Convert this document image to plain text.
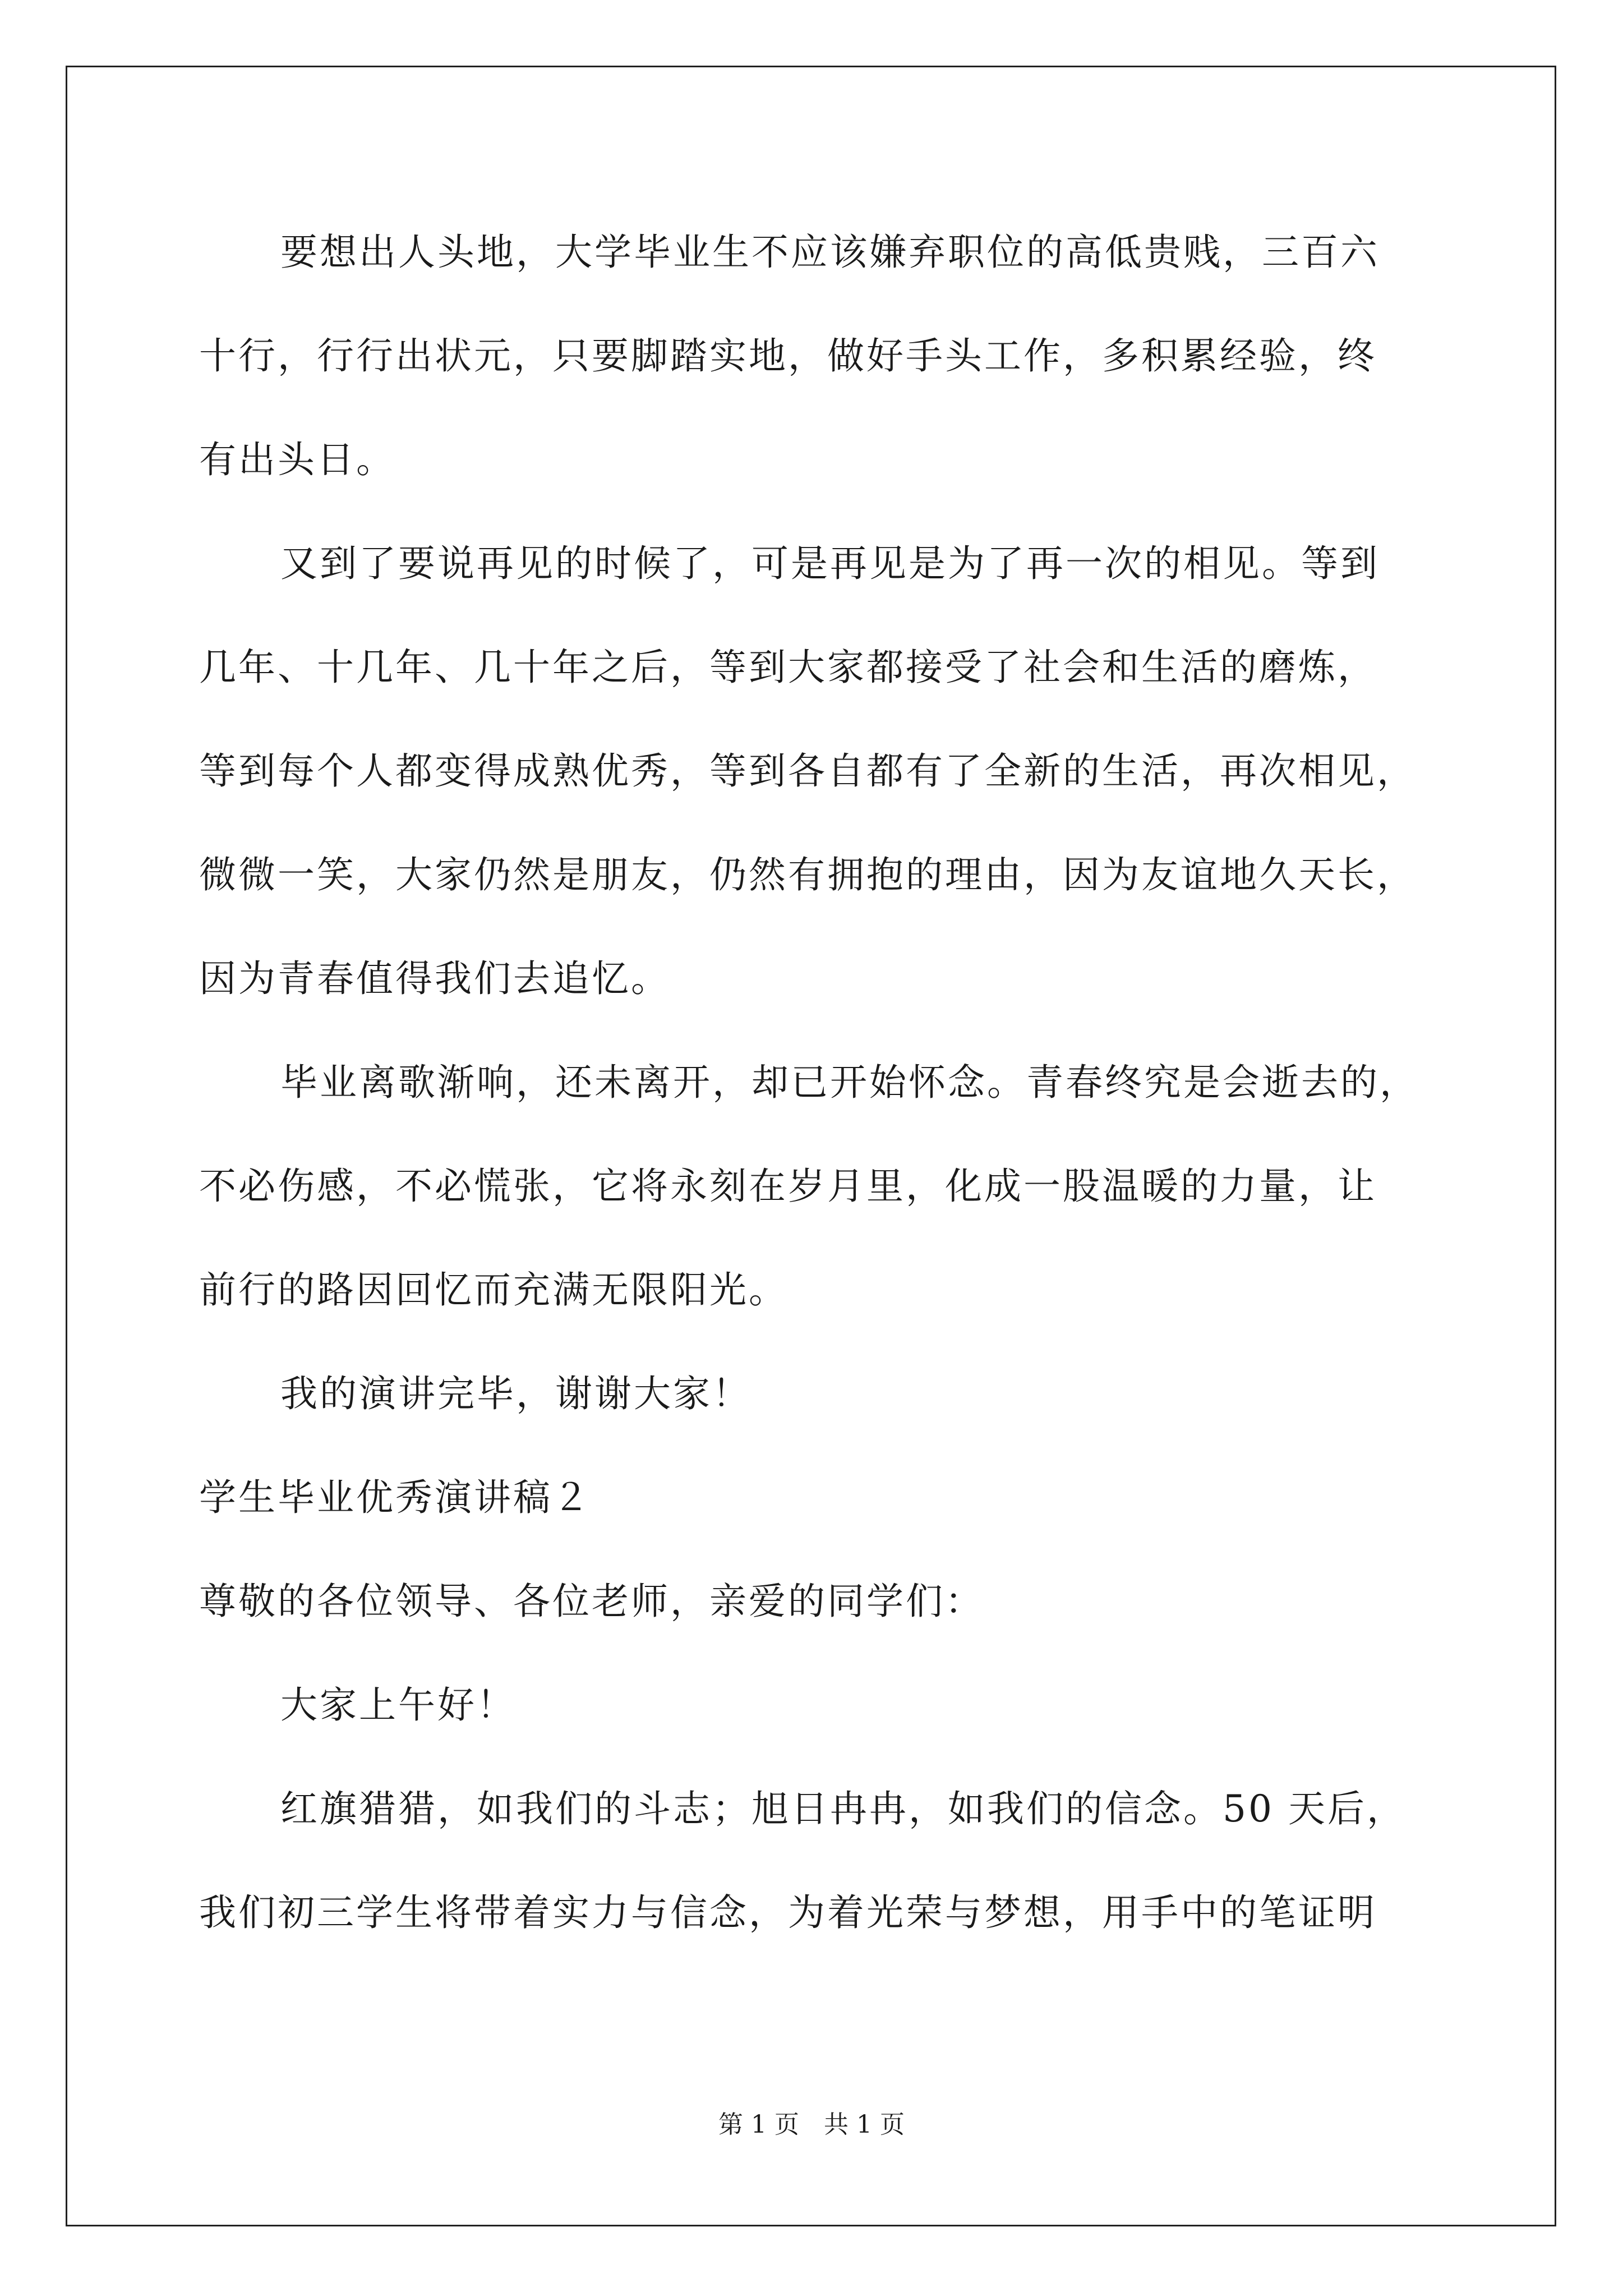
要想出人头地，大学毕业生不应该嫌弃职位的高低贵贱，三百六
十行，行行出状元，只要脚踏实地，做好手头工作，多积累经验，终
有出头日。
又到了要说再见的时候了，可是再见是为了再一次的相见。等到
几年、十几年、几十年之后，等到大家都接受了社会和生活的磨炼，
等到每个人都变得成熟优秀，等到各自都有了全新的生活，再次相见，
微微一笑，大家仍然是朋友，仍然有拥抱的理由，因为友谊地久天长，
因为青春值得我们去追忆。
毕业离歌渐响，还未离开，却已开始怀念。青春终究是会逝去的，
不必伤感，不必慌张，它将永刻在岁月里，化成一股温暖的力量，让
前行的路因回忆而充满无限阳光。
我的演讲完毕，谢谢大家！
学生毕业优秀演讲稿２
尊敬的各位领导、各位老师，亲爱的同学们：
大家上午好！
红旗猎猎，如我们的斗志；旭日冉冉，如我们的信念。50 天后，
我们初三学生将带着实力与信念，为着光荣与梦想，用手中的笔证明
第 1 页　共 1 页
